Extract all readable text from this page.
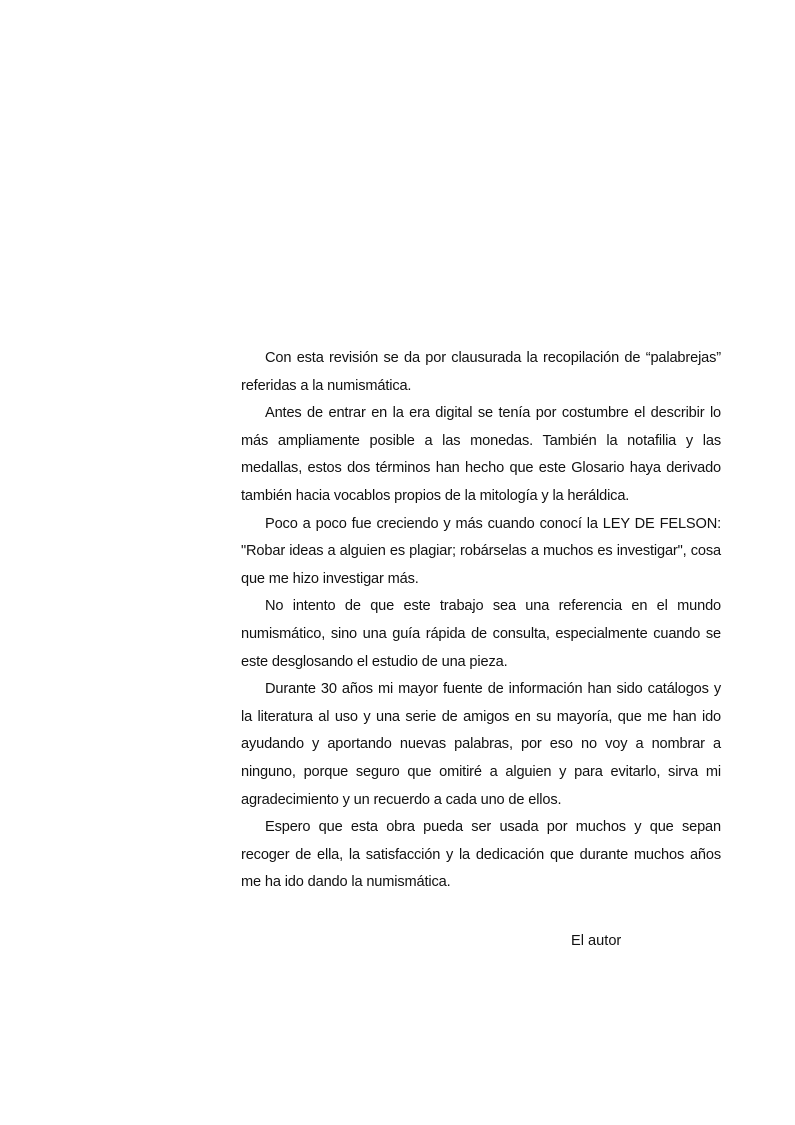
Con esta revisión se da por clausurada la recopilación de “palabrejas” referidas a la numismática.

Antes de entrar en la era digital se tenía por costumbre el describir lo más ampliamente posible a las monedas. También la notafilia y las medallas, estos dos términos han hecho que este Glosario haya derivado también hacia vocablos propios de la mitología y la heráldica.

Poco a poco fue creciendo y más cuando conocí la LEY DE FELSON: "Robar ideas a alguien es plagiar; robárselas a muchos es investigar", cosa que me hizo investigar más.

No intento de que este trabajo sea una referencia en el mundo numismático, sino una guía rápida de consulta, especialmente cuando se este desglosando el estudio de una pieza.

Durante 30 años mi mayor fuente de información han sido catálogos y la literatura al uso y una serie de amigos en su mayoría, que me han ido ayudando y aportando nuevas palabras, por eso no voy a nombrar a ninguno, porque seguro que omitiré a alguien y para evitarlo, sirva mi agradecimiento y un recuerdo a cada uno de ellos.

Espero que esta obra pueda ser usada por muchos y que sepan recoger de ella, la satisfacción y la dedicación que durante muchos años me ha ido dando la numismática.

El autor
